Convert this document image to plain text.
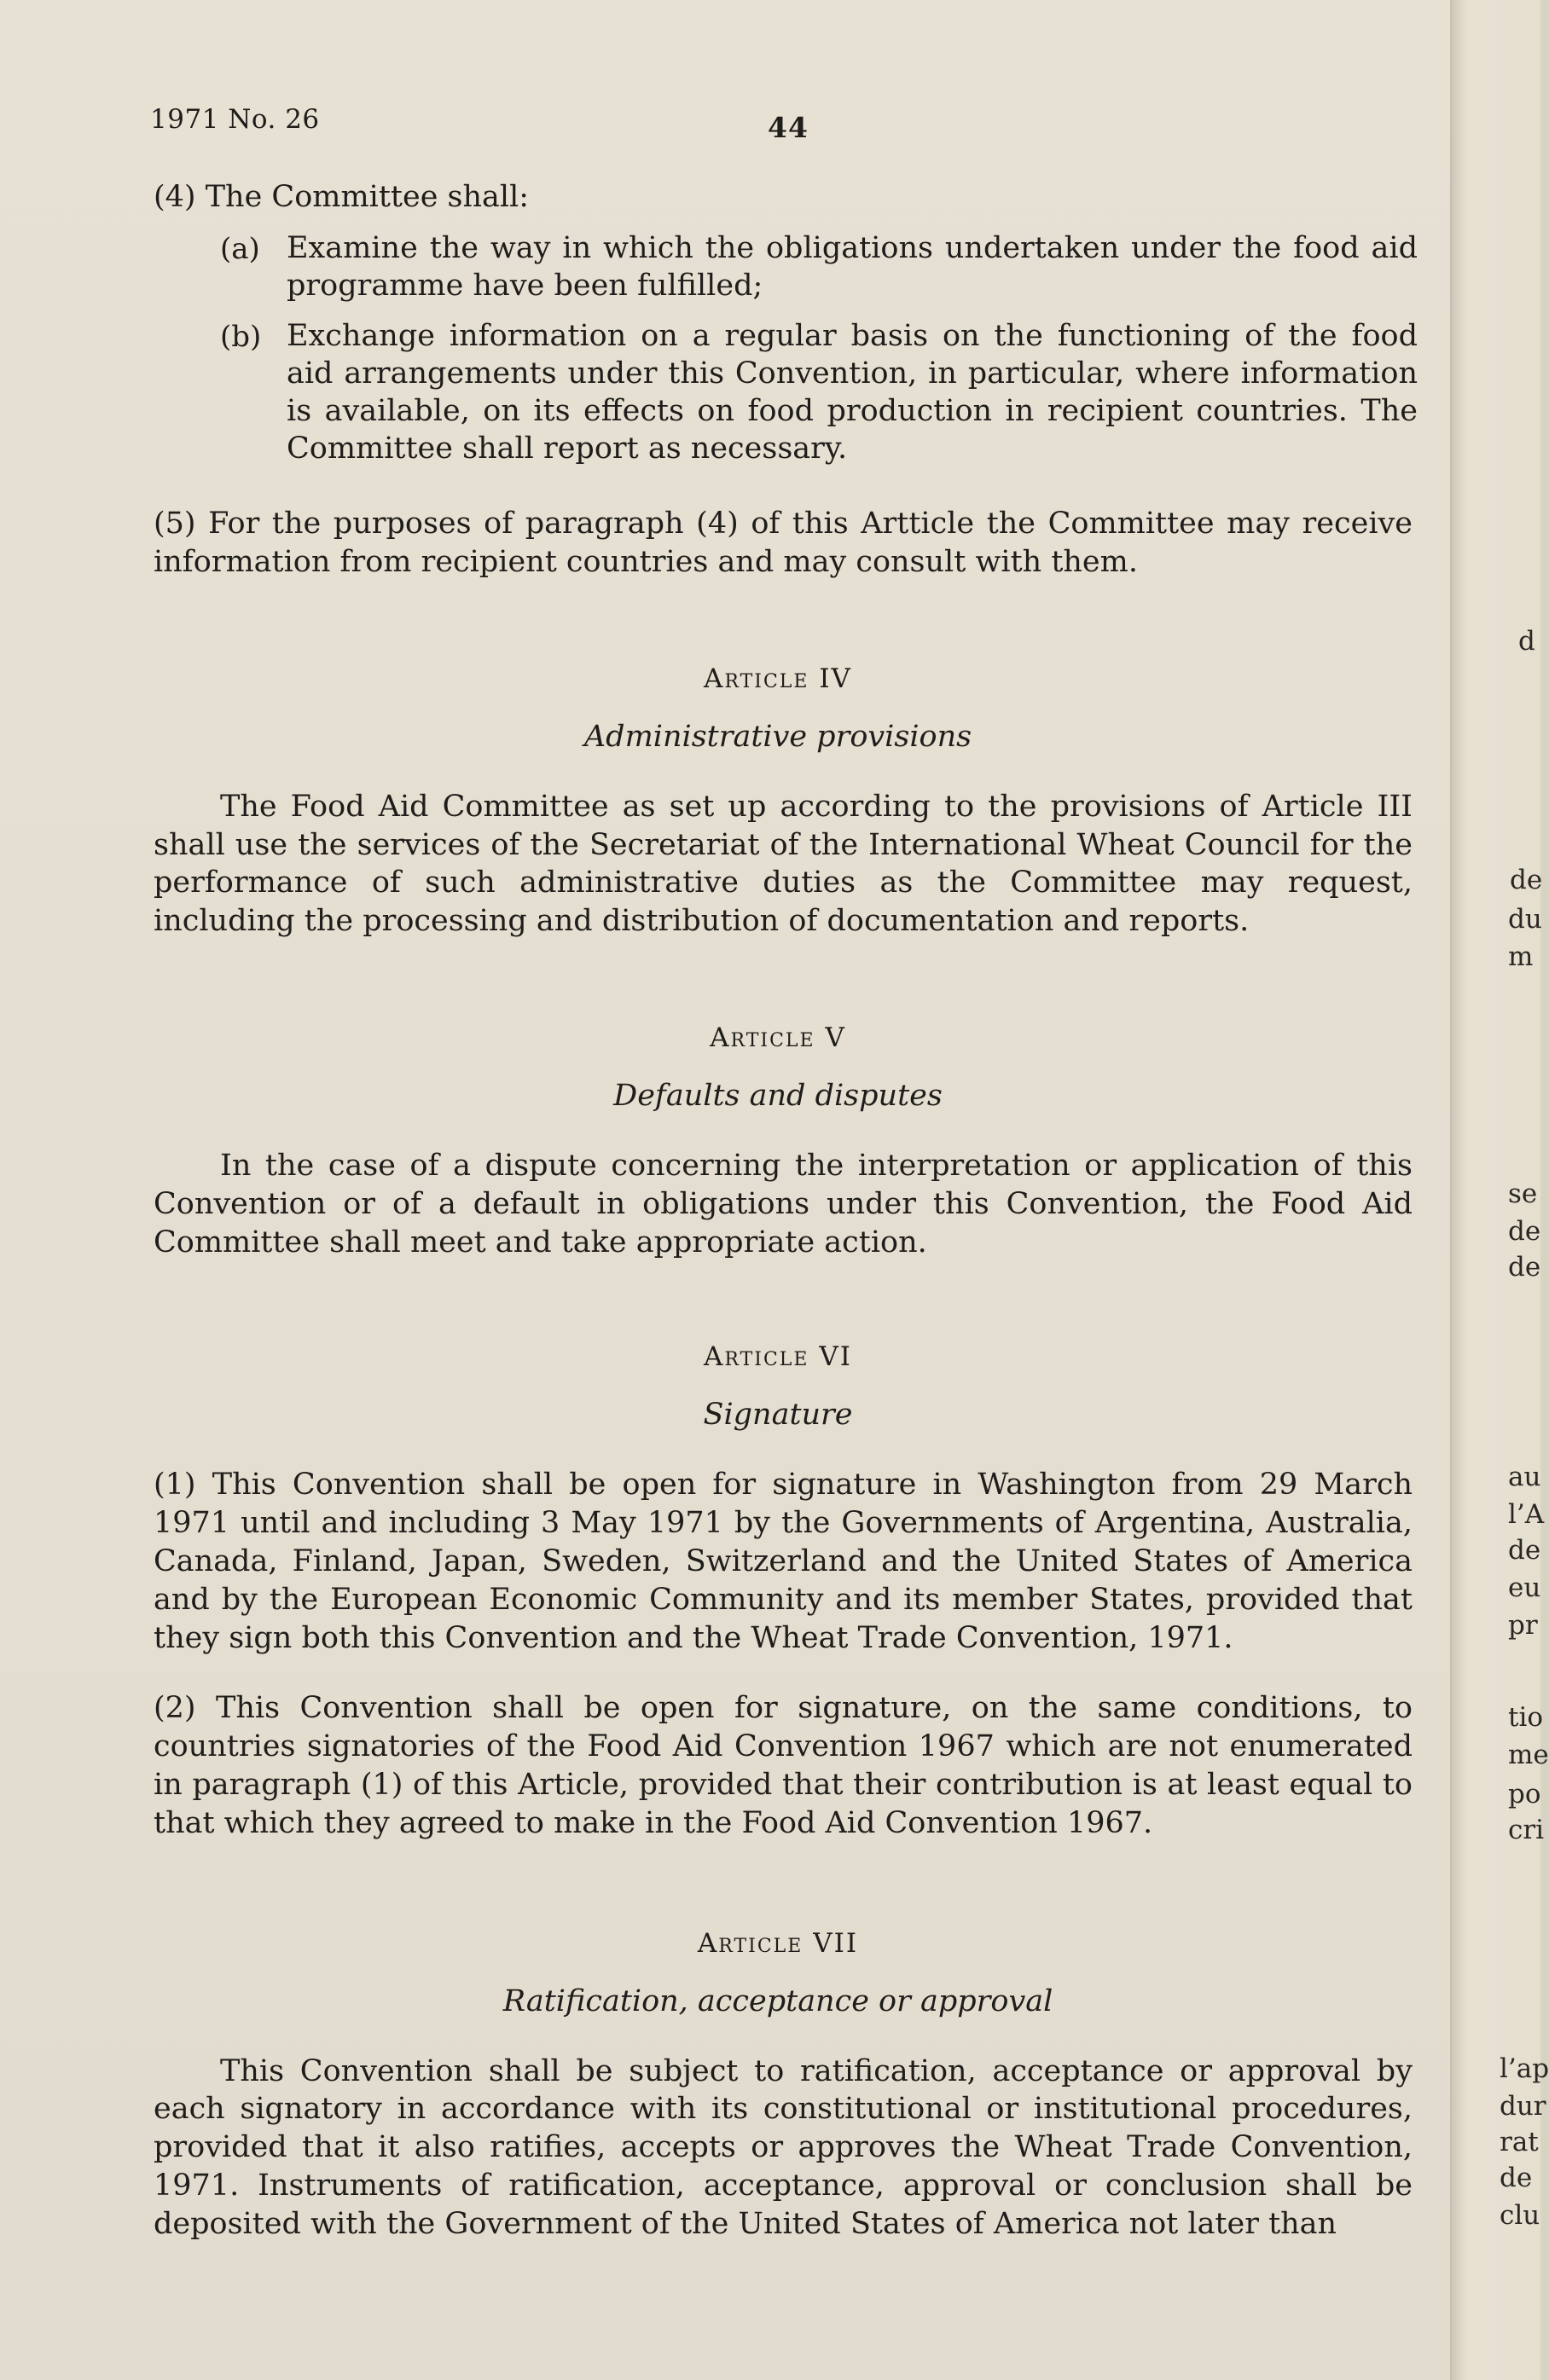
1971 No. 26	44
(4) The Committee shall:
(a) Examine the way in which the obligations undertaken under the food aid programme have been fulfilled;
(b) Exchange information on a regular basis on the functioning of the food aid arrangements under this Convention, in particular, where information is available, on its effects on food production in recipient countries. The Committee shall report as necessary.
(5) For the purposes of paragraph (4) of this Artticle the Committee may receive information from recipient countries and may consult with them.
Article IV
Administrative provisions
The Food Aid Committee as set up according to the provisions of Article III shall use the services of the Secretariat of the International Wheat Council for the performance of such administrative duties as the Committee may request, including the processing and distribution of documentation and reports.
Article V
Defaults and disputes
In the case of a dispute concerning the interpretation or application of this Convention or of a default in obligations under this Convention, the Food Aid Committee shall meet and take appropriate action.
Article VI
Signature
(1) This Convention shall be open for signature in Washington from 29 March 1971 until and including 3 May 1971 by the Governments of Argentina, Australia, Canada, Finland, Japan, Sweden, Switzerland and the United States of America and by the European Economic Community and its member States, provided that they sign both this Convention and the Wheat Trade Convention, 1971.
(2) This Convention shall be open for signature, on the same conditions, to countries signatories of the Food Aid Convention 1967 which are not enumerated in paragraph (1) of this Article, provided that their contribution is at least equal to that which they agreed to make in the Food Aid Convention 1967.
Article VII
Ratification, acceptance or approval
This Convention shall be subject to ratification, acceptance or approval by each signatory in accordance with its constitutional or institutional procedures, provided that it also ratifies, accepts or approves the Wheat Trade Convention, 1971. Instruments of ratification, acceptance, approval or conclusion shall be deposited with the Government of the United States of America not later than
d
de
du
m
se
de
de
au
l’A
de
eu
pr
tio
me
po
cri
l’ap
dur
rat
de
clu
